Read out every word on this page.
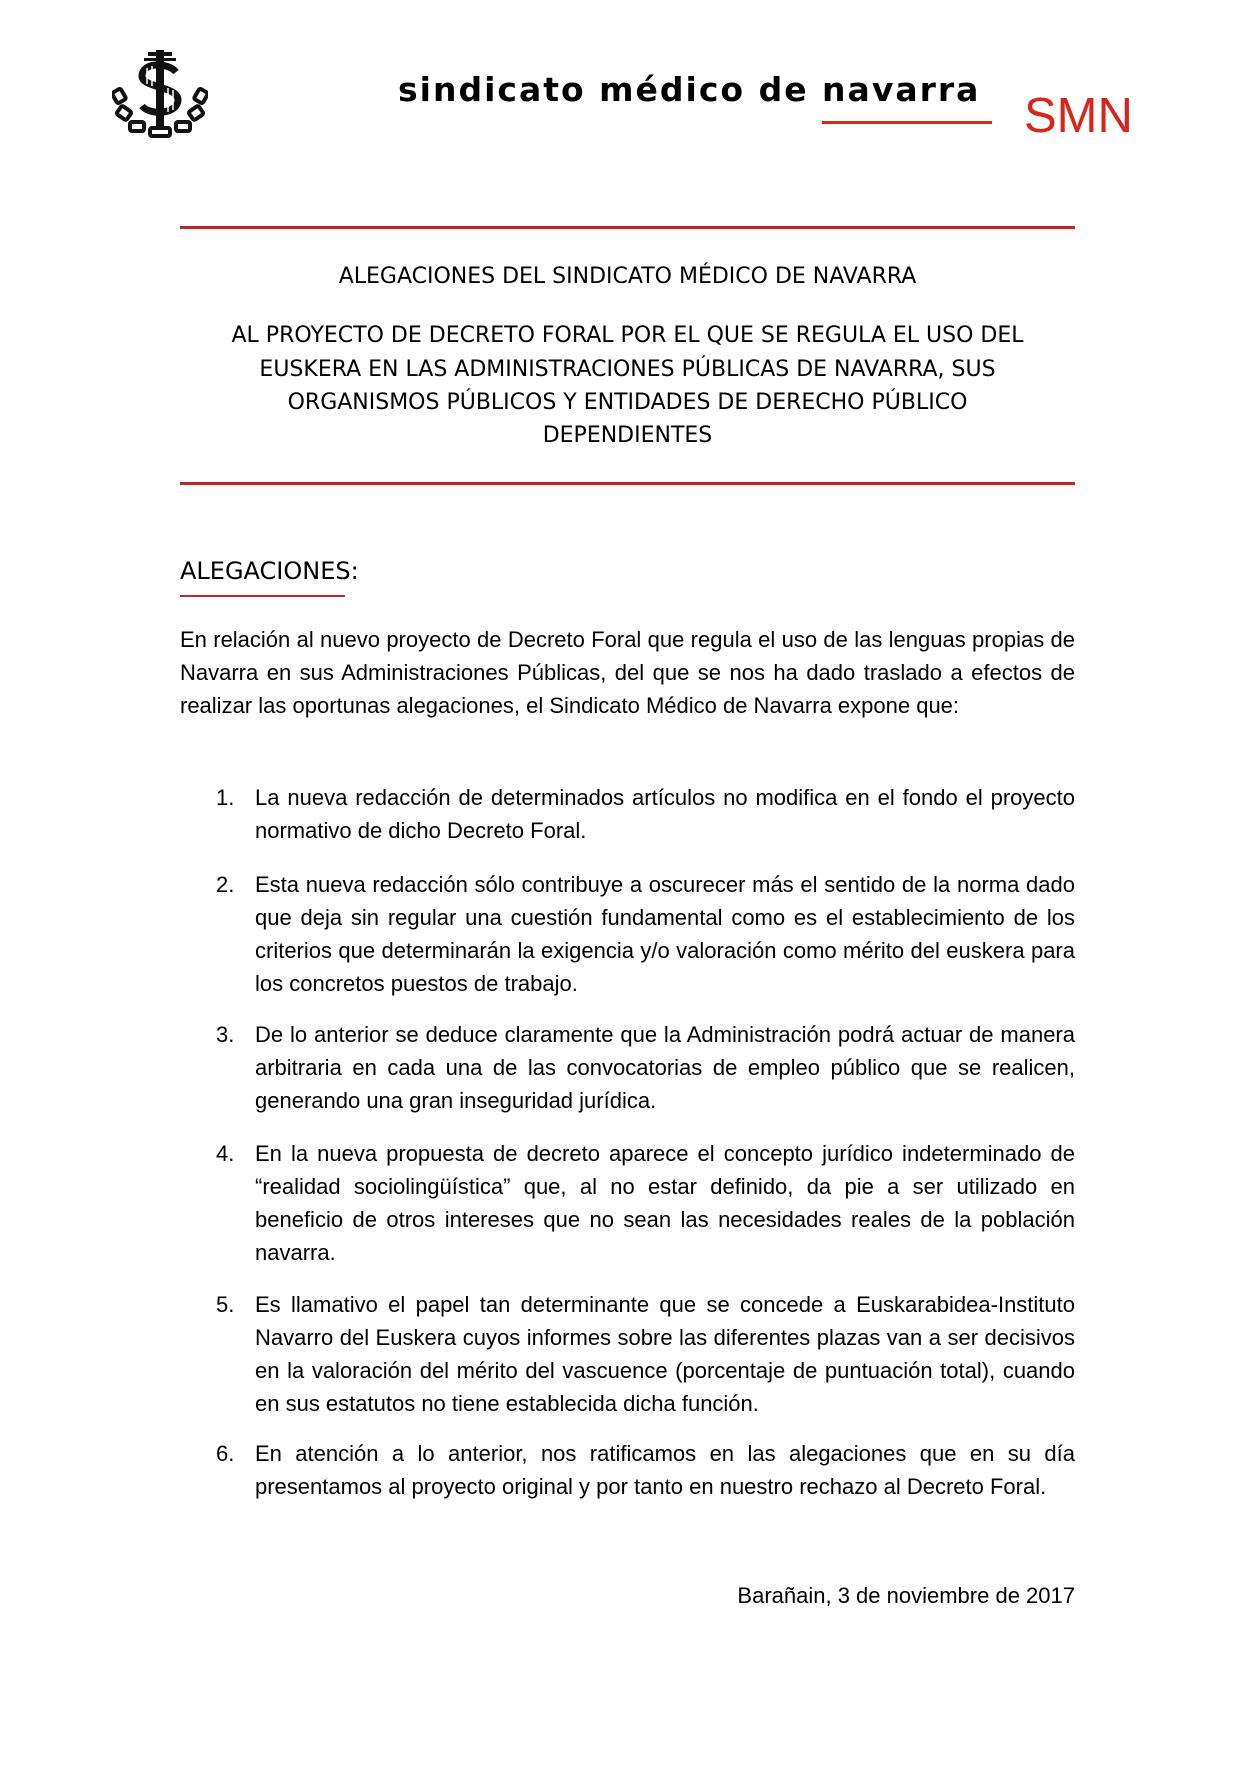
sindicato médico de navarra SMN
ALEGACIONES DEL SINDICATO MÉDICO DE NAVARRA
AL PROYECTO DE DECRETO FORAL POR EL QUE SE REGULA EL USO DEL
EUSKERA EN LAS ADMINISTRACIONES PÚBLICAS DE NAVARRA, SUS
ORGANISMOS PÚBLICOS Y ENTIDADES DE DERECHO PÚBLICO
DEPENDIENTES
ALEGACIONES:
En relación al nuevo proyecto de Decreto Foral que regula el uso de las lenguas propias de Navarra en sus Administraciones Públicas, del que se nos ha dado traslado a efectos de realizar las oportunas alegaciones, el Sindicato Médico de Navarra expone que:
1. La nueva redacción de determinados artículos no modifica en el fondo el proyecto normativo de dicho Decreto Foral.
2. Esta nueva redacción sólo contribuye a oscurecer más el sentido de la norma dado que deja sin regular una cuestión fundamental como es el establecimiento de los criterios que determinarán la exigencia y/o valoración como mérito del euskera para los concretos puestos de trabajo.
3. De lo anterior se deduce claramente que la Administración podrá actuar de manera arbitraria en cada una de las convocatorias de empleo público que se realicen, generando una gran inseguridad jurídica.
4. En la nueva propuesta de decreto aparece el concepto jurídico indeterminado de “realidad sociolingüística” que, al no estar definido, da pie a ser utilizado en beneficio de otros intereses que no sean las necesidades reales de la población navarra.
5. Es llamativo el papel tan determinante que se concede a Euskarabidea-Instituto Navarro del Euskera cuyos informes sobre las diferentes plazas van a ser decisivos en la valoración del mérito del vascuence (porcentaje de puntuación total), cuando en sus estatutos no tiene establecida dicha función.
6. En atención a lo anterior, nos ratificamos en las alegaciones que en su día presentamos al proyecto original y por tanto en nuestro rechazo al Decreto Foral.
Barañain, 3 de noviembre de 2017
